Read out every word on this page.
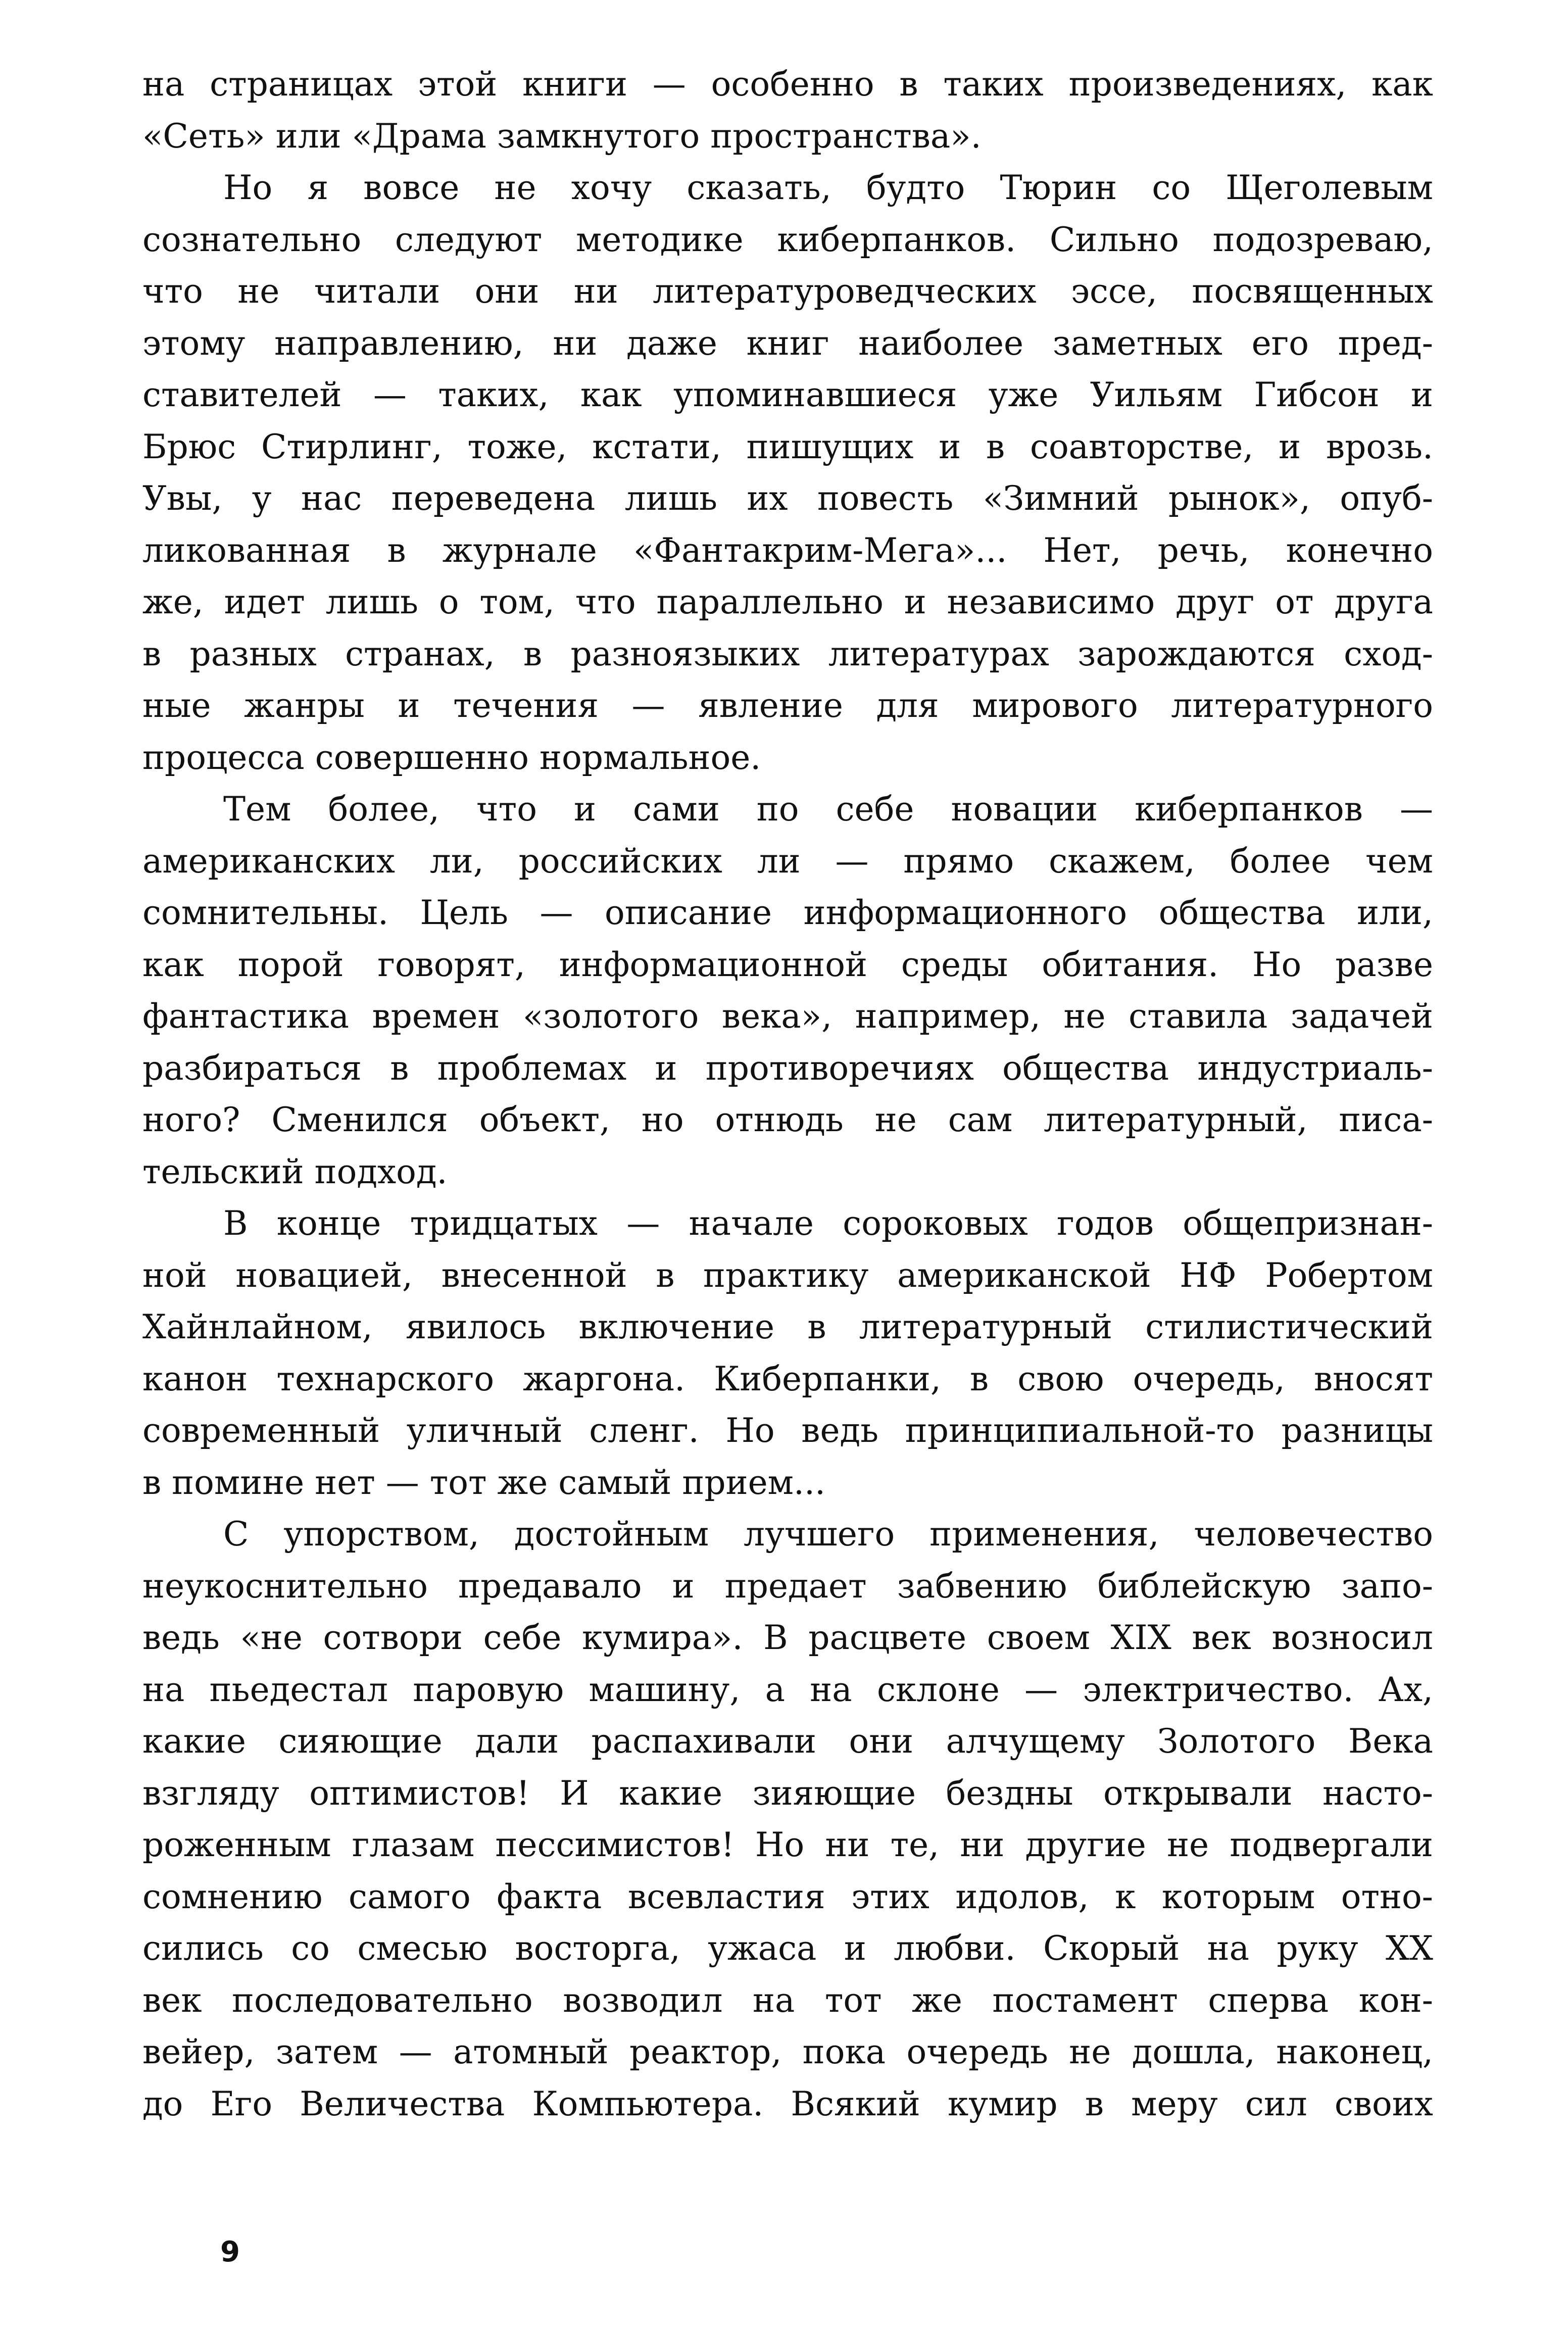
на страницах этой книги — особенно в таких произведениях, как
«Сеть» или «Драма замкнутого пространства».
Но я вовсе не хочу сказать, будто Тюрин со Щеголевым
сознательно следуют методике киберпанков. Сильно подозреваю,
что не читали они ни литературоведческих эссе, посвященных
этому направлению, ни даже книг наиболее заметных его пред-
ставителей — таких, как упоминавшиеся уже Уильям Гибсон и
Брюс Стирлинг, тоже, кстати, пишущих и в соавторстве, и врозь.
Увы, у нас переведена лишь их повесть «Зимний рынок», опуб-
ликованная в журнале «Фантакрим-Мега»... Нет, речь, конечно
же, идет лишь о том, что параллельно и независимо друг от друга
в разных странах, в разноязыких литературах зарождаются сход-
ные жанры и течения — явление для мирового литературного
процесса совершенно нормальное.
Тем более, что и сами по себе новации киберпанков —
американских ли, российских ли — прямо скажем, более чем
сомнительны. Цель — описание информационного общества или,
как порой говорят, информационной среды обитания. Но разве
фантастика времен «золотого века», например, не ставила задачей
разбираться в проблемах и противоречиях общества индустриаль-
ного? Сменился объект, но отнюдь не сам литературный, писа-
тельский подход.
В конце тридцатых — начале сороковых годов общепризнан-
ной новацией, внесенной в практику американской НФ Робертом
Хайнлайном, явилось включение в литературный стилистический
канон технарского жаргона. Киберпанки, в свою очередь, вносят
современный уличный сленг. Но ведь принципиальной-то разницы
в помине нет — тот же самый прием...
С упорством, достойным лучшего применения, человечество
неукоснительно предавало и предает забвению библейскую запо-
ведь «не сотвори себе кумира». В расцвете своем XIX век возносил
на пьедестал паровую машину, а на склоне — электричество. Ах,
какие сияющие дали распахивали они алчущему Золотого Века
взгляду оптимистов! И какие зияющие бездны открывали насто-
роженным глазам пессимистов! Но ни те, ни другие не подвергали
сомнению самого факта всевластия этих идолов, к которым отно-
сились со смесью восторга, ужаса и любви. Скорый на руку XX
век последовательно возводил на тот же постамент сперва кон-
вейер, затем — атомный реактор, пока очередь не дошла, наконец,
до Его Величества Компьютера. Всякий кумир в меру сил своих
9
